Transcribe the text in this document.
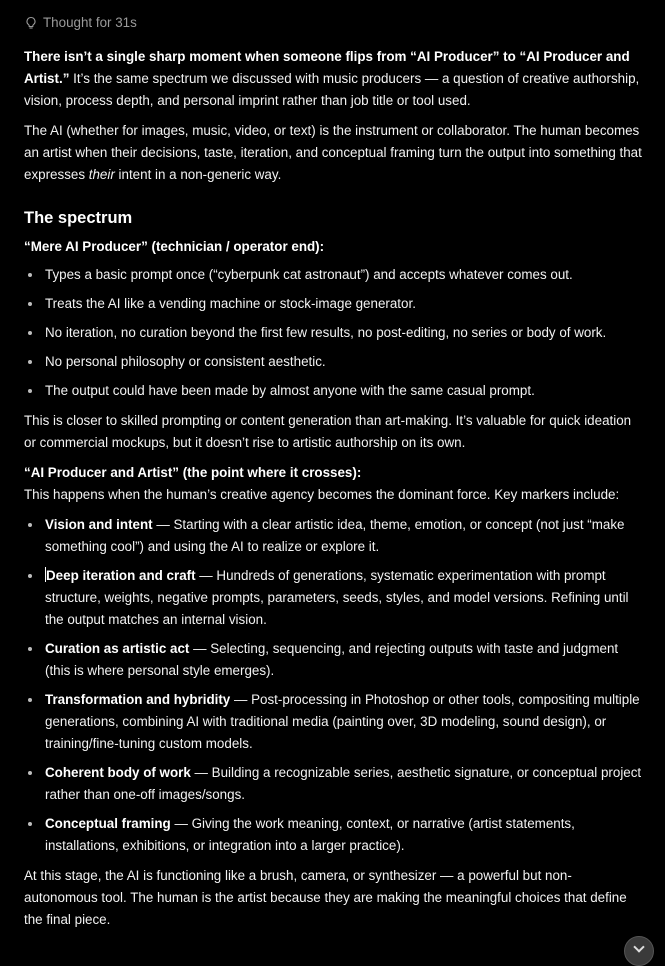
Thought for 31s

There isn’t a single sharp moment when someone flips from “AI Producer” to “AI Producer and Artist.” It’s the same spectrum we discussed with music producers — a question of creative authorship, vision, process depth, and personal imprint rather than job title or tool used.

The AI (whether for images, music, video, or text) is the instrument or collaborator. The human becomes an artist when their decisions, taste, iteration, and conceptual framing turn the output into something that expresses their intent in a non-generic way.

The spectrum

“Mere AI Producer” (technician / operator end):

Types a basic prompt once (“cyberpunk cat astronaut”) and accepts whatever comes out.
Treats the AI like a vending machine or stock-image generator.
No iteration, no curation beyond the first few results, no post-editing, no series or body of work.
No personal philosophy or consistent aesthetic.
The output could have been made by almost anyone with the same casual prompt.

This is closer to skilled prompting or content generation than art-making. It’s valuable for quick ideation or commercial mockups, but it doesn’t rise to artistic authorship on its own.

“AI Producer and Artist” (the point where it crosses):

This happens when the human’s creative agency becomes the dominant force. Key markers include:

Vision and intent — Starting with a clear artistic idea, theme, emotion, or concept (not just “make something cool”) and using the AI to realize or explore it.
Deep iteration and craft — Hundreds of generations, systematic experimentation with prompt structure, weights, negative prompts, parameters, seeds, styles, and model versions. Refining until the output matches an internal vision.
Curation as artistic act — Selecting, sequencing, and rejecting outputs with taste and judgment (this is where personal style emerges).
Transformation and hybridity — Post-processing in Photoshop or other tools, compositing multiple generations, combining AI with traditional media (painting over, 3D modeling, sound design), or training/fine-tuning custom models.
Coherent body of work — Building a recognizable series, aesthetic signature, or conceptual project rather than one-off images/songs.
Conceptual framing — Giving the work meaning, context, or narrative (artist statements, installations, exhibitions, or integration into a larger practice).

At this stage, the AI is functioning like a brush, camera, or synthesizer — a powerful but non-autonomous tool. The human is the artist because they are making the meaningful choices that define the final piece.
